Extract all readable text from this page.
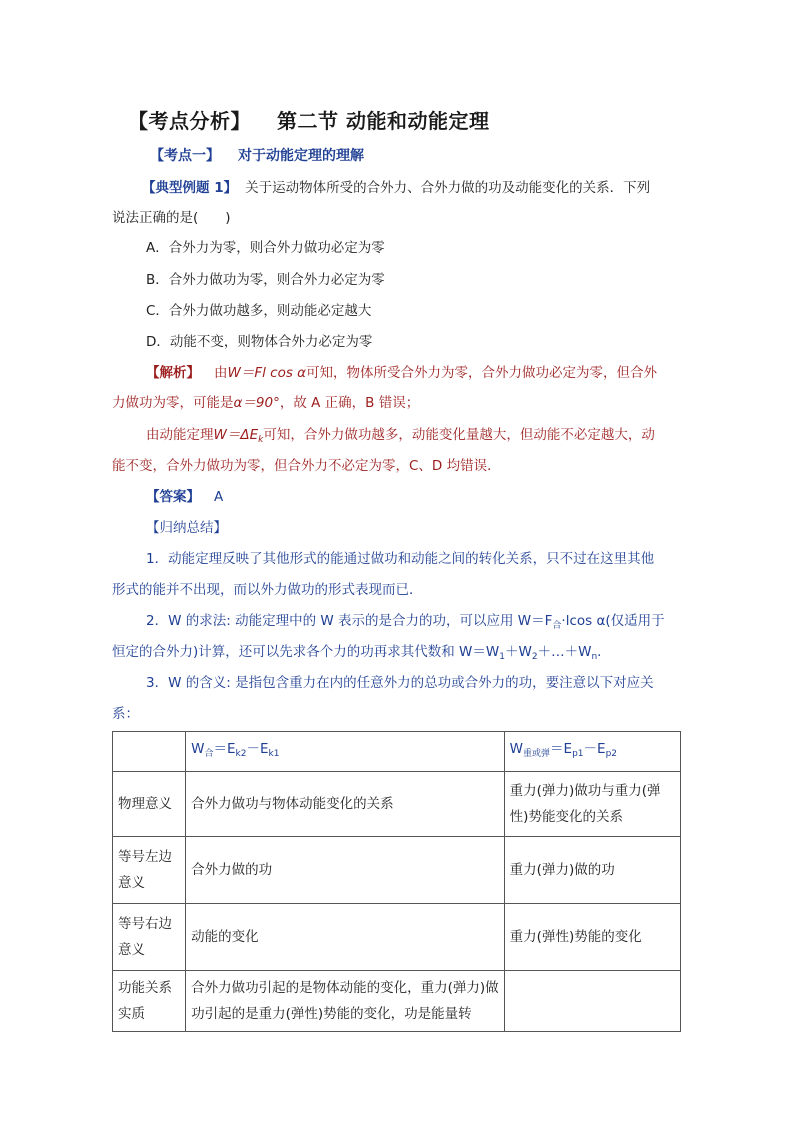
【考点分析】 第二节 动能和动能定理
【考点一】 对于动能定理的理解
【典型例题 1】 关于运动物体所受的合外力、合外力做的功及动能变化的关系．下列
说法正确的是(　　)
A．合外力为零，则合外力做功必定为零
B．合外力做功为零，则合外力必定为零
C．合外力做功越多，则动能必定越大
D．动能不变，则物体合外力必定为零
【解析】 由W＝Fl cos α可知，物体所受合外力为零，合外力做功必定为零，但合外
力做功为零，可能是α＝90°，故 A 正确，B 错误；
由动能定理$W=\Delta E_k$可知，合外力做功越多，动能变化量越大，但动能不必定越大，动
能不变，合外力做功为零，但合外力不必定为零，C、D 均错误．
【答案】 A
【归纳总结】
1．动能定理反映了其他形式的能通过做功和动能之间的转化关系，只不过在这里其他
形式的能并不出现，而以外力做功的形式表现而已．
2．W 的求法: 动能定理中的 W 表示的是合力的功，可以应用 $W=F_合\cdot lcos$ α(仅适用于
恒定的合外力)计算，还可以先求各个力的功再求其代数和 $W=W_1+W_2+\dots+W_n$.
3．W 的含义: 是指包含重力在内的任意外力的总功或合外力的功，要注意以下对应关
系：
	$W_合=E_{k2}-E_{k1}$	$W_{重或弹}=E_{p1}-E_{p2}$
物理意义	合外力做功与物体动能变化的关系	重力(弹力)做功与重力(弹性)势能变化的关系
等号左边意义	合外力做的功	重力(弹力)做的功
等号右边意义	动能的变化	重力(弹性)势能的变化
功能关系实质	合外力做功引起的是物体动能的变化，重力(弹力)做功引起的是重力(弹性)势能的变化，功是能量转	
